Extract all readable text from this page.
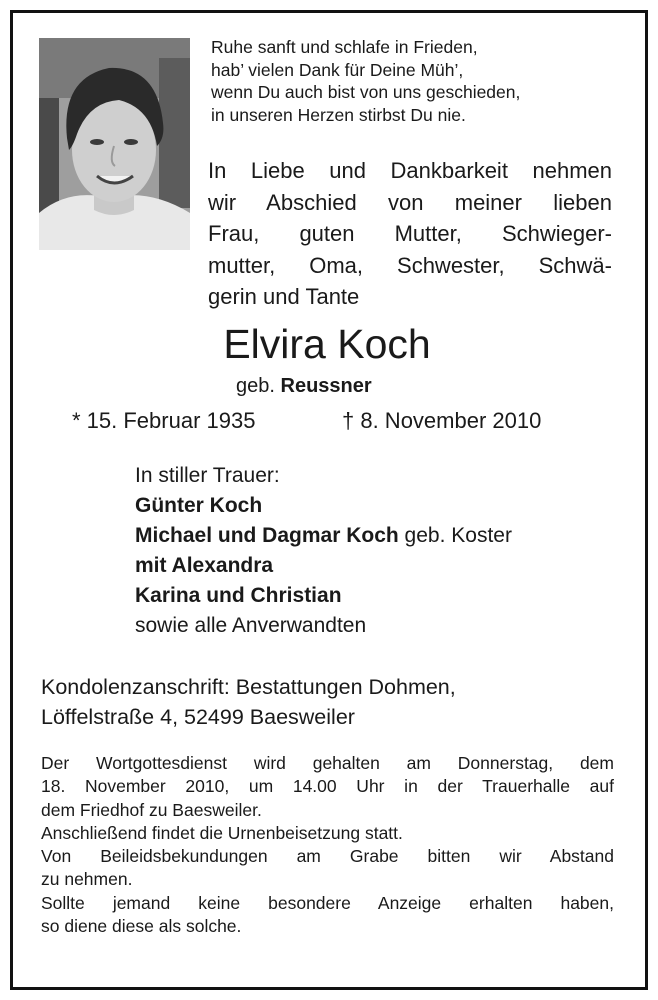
Ruhe sanft und schlafe in Frieden,
hab’ vielen Dank für Deine Müh’,
wenn Du auch bist von uns geschieden,
in unseren Herzen stirbst Du nie.
In Liebe und Dankbarkeit nehmen
wir Abschied von meiner lieben
Frau, guten Mutter, Schwieger-
mutter, Oma, Schwester, Schwä-
gerin und Tante
Elvira Koch
geb. Reussner
* 15. Februar 1935	† 8. November 2010
In stiller Trauer:
Günter Koch
Michael und Dagmar Koch geb. Koster
mit Alexandra
Karina und Christian
sowie alle Anverwandten
Kondolenzanschrift: Bestattungen Dohmen,
Löffelstraße 4, 52499 Baesweiler
Der Wortgottesdienst wird gehalten am Donnerstag, dem
18. November 2010, um 14.00 Uhr in der Trauerhalle auf
dem Friedhof zu Baesweiler.
Anschließend findet die Urnenbeisetzung statt.
Von Beileidsbekundungen am Grabe bitten wir Abstand
zu nehmen.
Sollte jemand keine besondere Anzeige erhalten haben,
so diene diese als solche.
